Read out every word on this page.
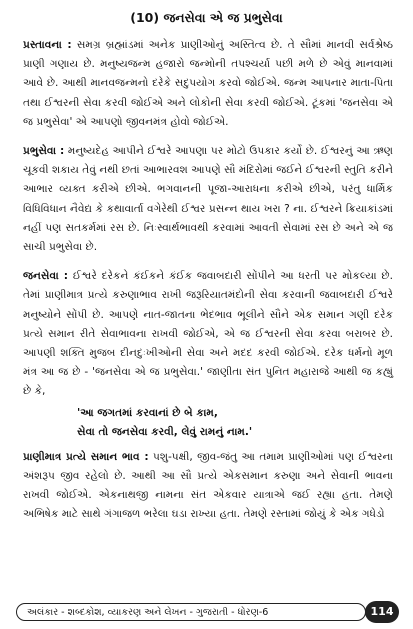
(10) જનસેવા એ જ પ્રભુસેવા

પ્રસ્તાવના : સમગ્ર બ્રહ્માંડમાં અનેક પ્રાણીઓનું અસ્તિત્વ છે. તે સૌમાં માનવી સર્વશ્રેષ્ઠ પ્રાણી ગણાય છે. મનુષ્યજન્મ હજારો જન્મોની તપશ્ચર્યા પછી મળે છે એવું માનવામાં આવે છે. આથી માનવજન્મનો દરેકે સદુપયોગ કરવો જોઈએ. જન્મ આપનાર માતા-પિતા તથા ઈશ્વરની સેવા કરવી જોઈએ અને લોકોની સેવા કરવી જોઈએ. ટૂંકમાં 'જનસેવા એ જ પ્રભુસેવા' એ આપણો જીવનમંત્ર હોવો જોઈએ.

પ્રભુસેવા : મનુષ્યદેહ આપીને ઈશ્વરે આપણા પર મોટો ઉપકાર કર્યો છે. ઈશ્વરનું આ ઋણ ચૂકવી શકાય તેવું નથી છતાં આભારવશ આપણે સૌ મંદિરોમાં જઈને ઈશ્વરની સ્તુતિ કરીને આભાર વ્યક્ત કરીએ છીએ. ભગવાનની પૂજા-આરાધના કરીએ છીએ, પરંતુ ધાર્મિક વિધિવિધાન નૈવેદ્ય કે કથાવાર્તા વગેરેથી ઈશ્વર પ્રસન્ન થાય ખરા ? ના. ઈશ્વરને ક્રિયાકાંડમાં નહીં પણ સતકર્મમાં રસ છે. નિઃસ્વાર્થભાવથી કરવામાં આવતી સેવામાં રસ છે અને એ જ સાચી પ્રભુસેવા છે.

જનસેવા : ઈશ્વરે દરેકને કંઈકને કંઈક જવાબદારી સોંપીને આ ધરતી પર મોકલ્યા છે. તેમાં પ્રાણીમાત્ર પ્રત્યે કરુણાભાવ રાખી જરૂરિયાતમંદોની સેવા કરવાની જવાબદારી ઈશ્વરે મનુષ્યોને સોંપી છે. આપણે નાત-જાતના ભેદભાવ ભૂલીને સૌને એક સમાન ગણી દરેક પ્રત્યે સમાન રીતે સેવાભાવના રાખવી જોઈએ, એ જ ઈશ્વરની સેવા કરવા બરાબર છે. આપણી શક્તિ મુજબ દીનદુઃખીઓની સેવા અને મદદ કરવી જોઈએ. દરેક ધર્મનો મૂળ મંત્ર આ જ છે - 'જનસેવા એ જ પ્રભુસેવા.' જાણીતા સંત પુનિત મહારાજે આથી જ કહ્યું છે કે,

'આ જગતમાં કરવાનાં છે બે કામ,
સેવા તો જનસેવા કરવી, લેવું રામનું નામ.'

પ્રાણીમાત્ર પ્રત્યે સમાન ભાવ : પશુ-પક્ષી, જીવ-જંતુ આ તમામ પ્રાણીઓમાં પણ ઈશ્વરના અંશરૂપ જીવ રહેલો છે. આથી આ સૌ પ્રત્યે એકસમાન કરુણા અને સેવાની ભાવના રાખવી જોઈએ. એકનાથજી નામના સંત એકવાર યાત્રાએ જઈ રહ્યા હતા. તેમણે અભિષેક માટે સાથે ગંગાજળ ભરેલા ઘડા રાખ્યા હતા. તેમણે રસ્તામાં જોયું કે એક ગધેડો

અલંકાર - શબ્દકોશ, વ્યાકરણ અને લેખન - ગુજરાતી - ધોરણ-6	114
